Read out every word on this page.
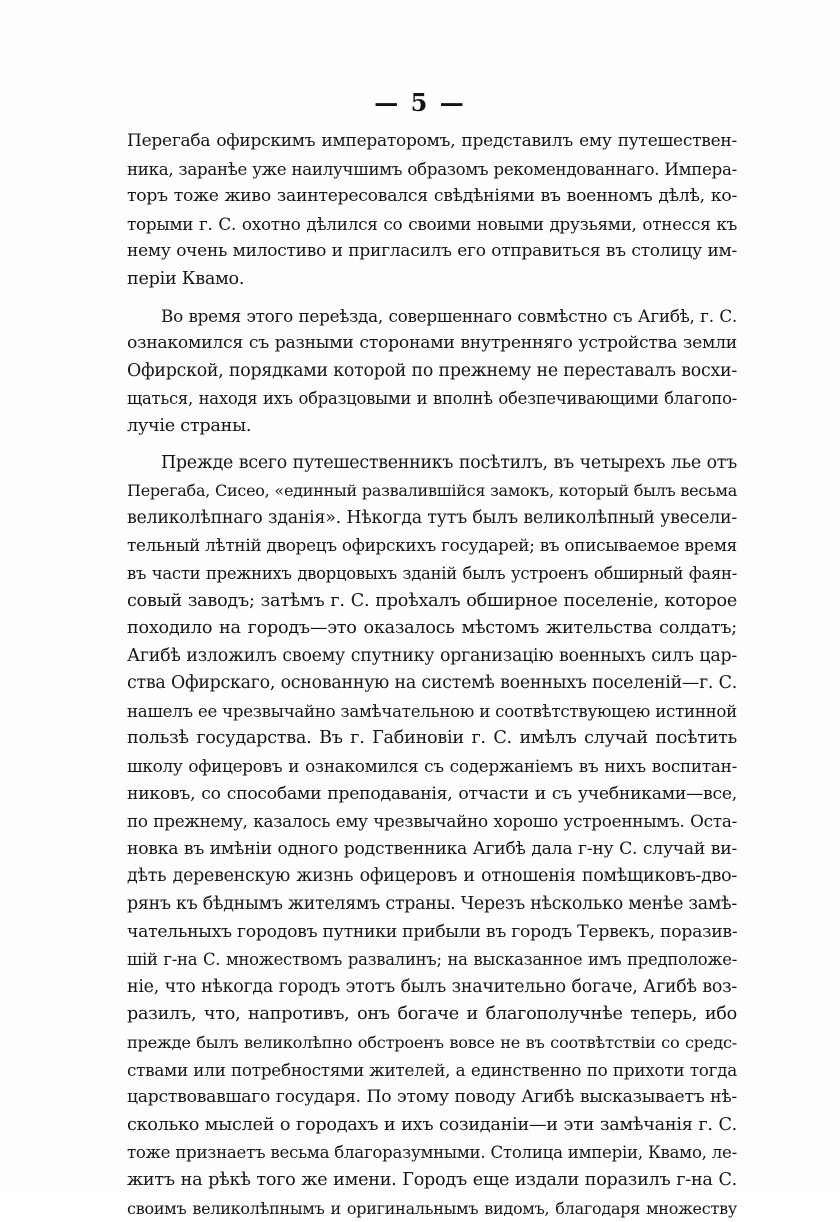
— 5 —
Перегаба офирскимъ императоромъ, представилъ ему путешествен-
ника, заранѣе уже наилучшимъ образомъ рекомендованнаго. Импера-
торъ тоже живо заинтересовался свѣдѣніями въ военномъ дѣлѣ, ко-
торыми г. С. охотно дѣлился со своими новыми друзьями, отнесся къ
нему очень милостиво и пригласилъ его отправиться въ столицу им-
періи Квамо.
Во время этого переѣзда, совершеннаго совмѣстно съ Агибѣ, г. С.
ознакомился съ разными сторонами внутренняго устройства земли
Офирской, порядками которой по прежнему не переставалъ восхи-
щаться, находя ихъ образцовыми и вполнѣ обезпечивающими благопо-
лучіе страны.
Прежде всего путешественникъ посѣтилъ, въ четырехъ лье отъ
Перегаба, Сисео, «единный развалившійся замокъ, который былъ весьма
великолѣпнаго зданія». Нѣкогда тутъ былъ великолѣпный увесели-
тельный лѣтній дворецъ офирскихъ государей; въ описываемое время
въ части прежнихъ дворцовыхъ зданій былъ устроенъ обширный фаян-
совый заводъ; затѣмъ г. С. проѣхалъ обширное поселеніе, которое
походило на городъ—это оказалось мѣстомъ жительства солдатъ;
Агибѣ изложилъ своему спутнику организацію военныхъ силъ цар-
ства Офирскаго, основанную на системѣ военныхъ поселеній—г. С.
нашелъ ее чрезвычайно замѣчательною и соотвѣтствующею истинной
пользѣ государства. Въ г. Габиновіи г. С. имѣлъ случай посѣтить
школу офицеровъ и ознакомился съ содержаніемъ въ нихъ воспитан-
никовъ, со способами преподаванія, отчасти и съ учебниками—все,
по прежнему, казалось ему чрезвычайно хорошо устроеннымъ. Оста-
новка въ имѣніи одного родственника Агибѣ дала г-ну С. случай ви-
дѣть деревенскую жизнь офицеровъ и отношенія помѣщиковъ-дво-
рянъ къ бѣднымъ жителямъ страны. Черезъ нѣсколько менѣе замѣ-
чательныхъ городовъ путники прибыли въ городъ Тервекъ, поразив-
шій г-на С. множествомъ развалинъ; на высказанное имъ предположе-
ніе, что нѣкогда городъ этотъ былъ значительно богаче, Агибѣ воз-
разилъ, что, напротивъ, онъ богаче и благополучнѣе теперь, ибо
прежде былъ великолѣпно обстроенъ вовсе не въ соотвѣтствіи со средс-
ствами или потребностями жителей, а единственно по прихоти тогда
царствовавшаго государя. По этому поводу Агибѣ высказываетъ нѣ-
сколько мыслей о городахъ и ихъ созиданіи—и эти замѣчанія г. С.
тоже признаетъ весьма благоразумными. Столица имперіи, Квамо, ле-
житъ на рѣкѣ того же имени. Городъ еще издали поразилъ г-на С.
своимъ великолѣпнымъ и оригинальнымъ видомъ, благодаря множеству
